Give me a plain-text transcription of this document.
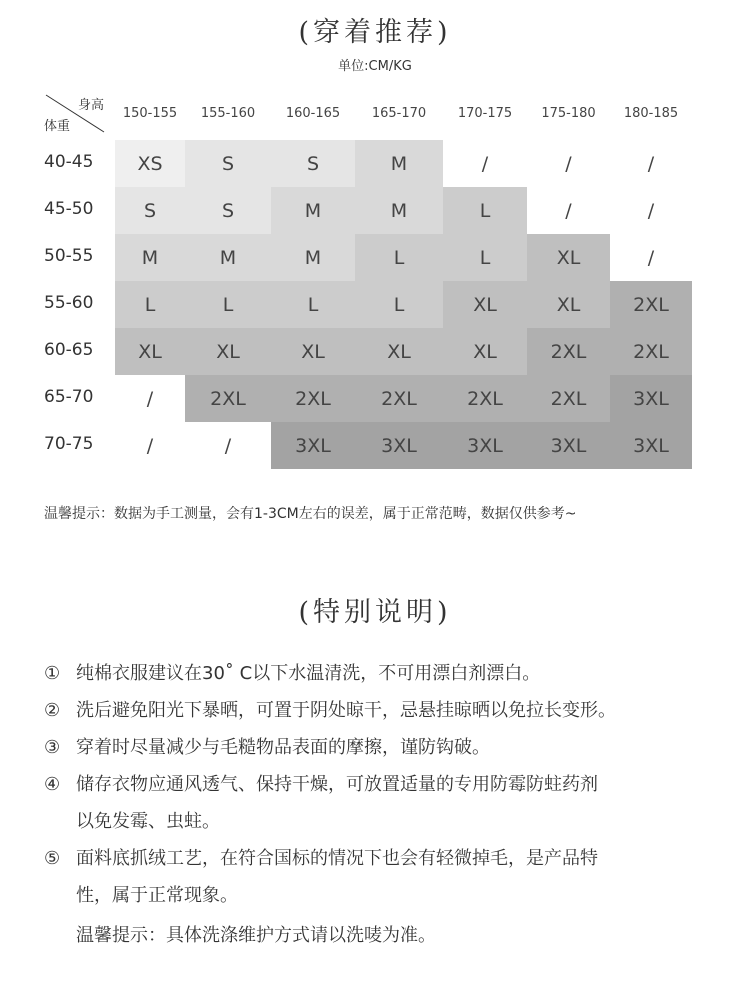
(穿着推荐)
单位:CM/KG
身高
体重
150-155	155-160	160-165	165-170	170-175	175-180	180-185
40-45	XS	S	S	M	/	/	/
45-50	S	S	M	M	L	/	/
50-55	M	M	M	L	L	XL	/
55-60	L	L	L	L	XL	XL	2XL
60-65	XL	XL	XL	XL	XL	2XL	2XL
65-70	/	2XL	2XL	2XL	2XL	2XL	3XL
70-75	/	/	3XL	3XL	3XL	3XL	3XL
温馨提示：数据为手工测量，会有1-3CM左右的误差，属于正常范畴，数据仅供参考~
(特别说明)
① 纯棉衣服建议在30˚ C以下水温清洗，不可用漂白剂漂白。
② 洗后避免阳光下暴晒，可置于阴处晾干，忌悬挂晾晒以免拉长变形。
③ 穿着时尽量减少与毛糙物品表面的摩擦，谨防钩破。
④ 储存衣物应通风透气、保持干燥，可放置适量的专用防霉防蛀药剂
以免发霉、虫蛀。
⑤ 面料底抓绒工艺，在符合国标的情况下也会有轻微掉毛，是产品特
性，属于正常现象。
温馨提示：具体洗涤维护方式请以洗唛为准。
